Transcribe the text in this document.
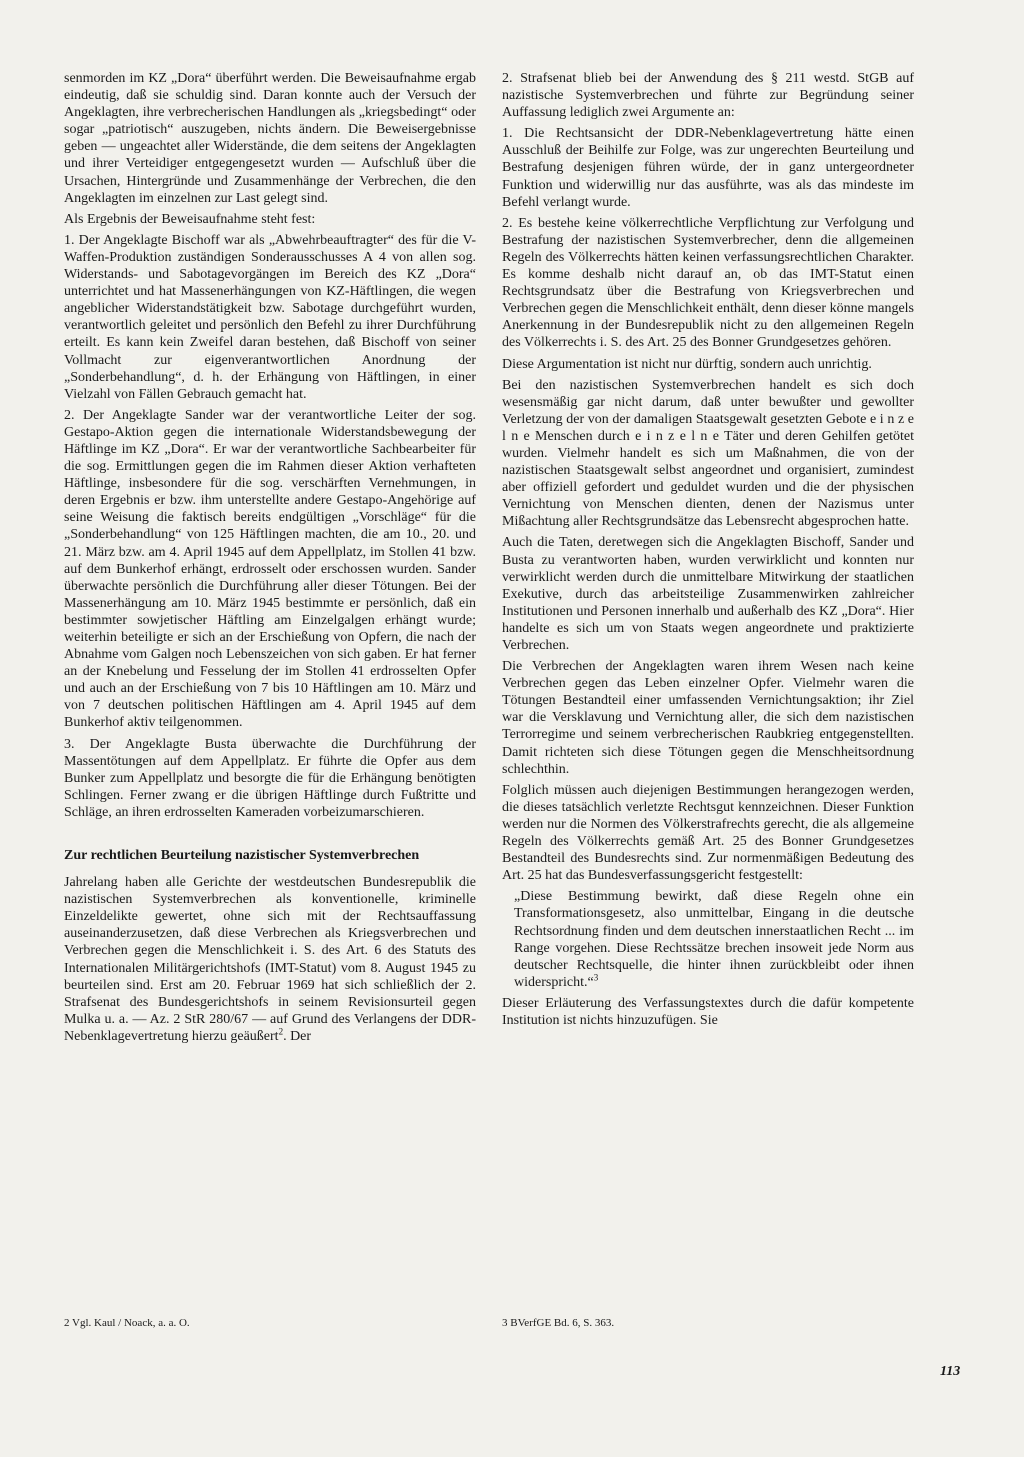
senmorden im KZ „Dora“ überführt werden. Die Beweisaufnahme ergab eindeutig, daß sie schuldig sind. Daran konnte auch der Versuch der Angeklagten, ihre verbrecherischen Handlungen als „kriegsbedingt“ oder sogar „patriotisch“ auszugeben, nichts ändern. Die Beweisergebnisse geben — ungeachtet aller Widerstände, die dem seitens der Angeklagten und ihrer Verteidiger entgegengesetzt wurden — Aufschluß über die Ursachen, Hintergründe und Zusammenhänge der Verbrechen, die den Angeklagten im einzelnen zur Last gelegt sind.

Als Ergebnis der Beweisaufnahme steht fest:

1. Der Angeklagte Bischoff war als „Abwehrbeauftragter“ des für die V-Waffen-Produktion zuständigen Sonderausschusses A 4 von allen sog. Widerstands- und Sabotagevorgängen im Bereich des KZ „Dora“ unterrichtet und hat Massenerhängungen von KZ-Häftlingen, die wegen angeblicher Widerstandstätigkeit bzw. Sabotage durchgeführt wurden, verantwortlich geleitet und persönlich den Befehl zu ihrer Durchführung erteilt. Es kann kein Zweifel daran bestehen, daß Bischoff von seiner Vollmacht zur eigenverantwortlichen Anordnung der „Sonderbehandlung“, d. h. der Erhängung von Häftlingen, in einer Vielzahl von Fällen Gebrauch gemacht hat.

2. Der Angeklagte Sander war der verantwortliche Leiter der sog. Gestapo-Aktion gegen die internationale Widerstandsbewegung der Häftlinge im KZ „Dora“. Er war der verantwortliche Sachbearbeiter für die sog. Ermittlungen gegen die im Rahmen dieser Aktion verhafteten Häftlinge, insbesondere für die sog. verschärften Vernehmungen, in deren Ergebnis er bzw. ihm unterstellte andere Gestapo-Angehörige auf seine Weisung die faktisch bereits endgültigen „Vorschläge“ für die „Sonderbehandlung“ von 125 Häftlingen machten, die am 10., 20. und 21. März bzw. am 4. April 1945 auf dem Appellplatz, im Stollen 41 bzw. auf dem Bunkerhof erhängt, erdrosselt oder erschossen wurden. Sander überwachte persönlich die Durchführung aller dieser Tötungen. Bei der Massenerhängung am 10. März 1945 bestimmte er persönlich, daß ein bestimmter sowjetischer Häftling am Einzelgalgen erhängt wurde; weiterhin beteiligte er sich an der Erschießung von Opfern, die nach der Abnahme vom Galgen noch Lebenszeichen von sich gaben. Er hat ferner an der Knebelung und Fesselung der im Stollen 41 erdrosselten Opfer und auch an der Erschießung von 7 bis 10 Häftlingen am 10. März und von 7 deutschen politischen Häftlingen am 4. April 1945 auf dem Bunkerhof aktiv teilgenommen.

3. Der Angeklagte Busta überwachte die Durchführung der Massentötungen auf dem Appellplatz. Er führte die Opfer aus dem Bunker zum Appellplatz und besorgte die für die Erhängung benötigten Schlingen. Ferner zwang er die übrigen Häftlinge durch Fußtritte und Schläge, an ihren erdrosselten Kameraden vorbeizumarschieren.

Zur rechtlichen Beurteilung nazistischer Systemverbrechen

Jahrelang haben alle Gerichte der westdeutschen Bundesrepublik die nazistischen Systemverbrechen als konventionelle, kriminelle Einzeldelikte gewertet, ohne sich mit der Rechtsauffassung auseinanderzusetzen, daß diese Verbrechen als Kriegsverbrechen und Verbrechen gegen die Menschlichkeit i. S. des Art. 6 des Statuts des Internationalen Militärgerichtshofs (IMT-Statut) vom 8. August 1945 zu beurteilen sind. Erst am 20. Februar 1969 hat sich schließlich der 2. Strafsenat des Bundesgerichtshofs in seinem Revisionsurteil gegen Mulka u. a. — Az. 2 StR 280/67 — auf Grund des Verlangens der DDR-Nebenklagevertretung hierzu geäußert$^2$. Der

2. Strafsenat blieb bei der Anwendung des § 211 westd. StGB auf nazistische Systemverbrechen und führte zur Begründung seiner Auffassung lediglich zwei Argumente an:

1. Die Rechtsansicht der DDR-Nebenklagevertretung hätte einen Ausschluß der Beihilfe zur Folge, was zur ungerechten Beurteilung und Bestrafung desjenigen führen würde, der in ganz untergeordneter Funktion und widerwillig nur das ausführte, was als das mindeste im Befehl verlangt wurde.

2. Es bestehe keine völkerrechtliche Verpflichtung zur Verfolgung und Bestrafung der nazistischen Systemverbrecher, denn die allgemeinen Regeln des Völkerrechts hätten keinen verfassungsrechtlichen Charakter. Es komme deshalb nicht darauf an, ob das IMT-Statut einen Rechtsgrundsatz über die Bestrafung von Kriegsverbrechen und Verbrechen gegen die Menschlichkeit enthält, denn dieser könne mangels Anerkennung in der Bundesrepublik nicht zu den allgemeinen Regeln des Völkerrechts i. S. des Art. 25 des Bonner Grundgesetzes gehören.

Diese Argumentation ist nicht nur dürftig, sondern auch unrichtig.

Bei den nazistischen Systemverbrechen handelt es sich doch wesensmäßig gar nicht darum, daß unter bewußter und gewollter Verletzung der von der damaligen Staatsgewalt gesetzten Gebote e i n z e l n e Menschen durch e i n z e l n e Täter und deren Gehilfen getötet wurden. Vielmehr handelt es sich um Maßnahmen, die von der nazistischen Staatsgewalt selbst angeordnet und organisiert, zumindest aber offiziell gefordert und geduldet wurden und die der physischen Vernichtung von Menschen dienten, denen der Nazismus unter Mißachtung aller Rechtsgrundsätze das Lebensrecht abgesprochen hatte.

Auch die Taten, deretwegen sich die Angeklagten Bischoff, Sander und Busta zu verantworten haben, wurden verwirklicht und konnten nur verwirklicht werden durch die unmittelbare Mitwirkung der staatlichen Exekutive, durch das arbeitsteilige Zusammenwirken zahlreicher Institutionen und Personen innerhalb und außerhalb des KZ „Dora“. Hier handelte es sich um von Staats wegen angeordnete und praktizierte Verbrechen.

Die Verbrechen der Angeklagten waren ihrem Wesen nach keine Verbrechen gegen das Leben einzelner Opfer. Vielmehr waren die Tötungen Bestandteil einer umfassenden Vernichtungsaktion; ihr Ziel war die Versklavung und Vernichtung aller, die sich dem nazistischen Terrorregime und seinem verbrecherischen Raubkrieg entgegenstellten. Damit richteten sich diese Tötungen gegen die Menschheitsordnung schlechthin.

Folglich müssen auch diejenigen Bestimmungen herangezogen werden, die dieses tatsächlich verletzte Rechtsgut kennzeichnen. Dieser Funktion werden nur die Normen des Völkerstrafrechts gerecht, die als allgemeine Regeln des Völkerrechts gemäß Art. 25 des Bonner Grundgesetzes Bestandteil des Bundesrechts sind. Zur normenmäßigen Bedeutung des Art. 25 hat das Bundesverfassungsgericht festgestellt:

„Diese Bestimmung bewirkt, daß diese Regeln ohne ein Transformationsgesetz, also unmittelbar, Eingang in die deutsche Rechtsordnung finden und dem deutschen innerstaatlichen Recht ... im Range vorgehen. Diese Rechtssätze brechen insoweit jede Norm aus deutscher Rechtsquelle, die hinter ihnen zurückbleibt oder ihnen widerspricht.“$^3$

Dieser Erläuterung des Verfassungstextes durch die dafür kompetente Institution ist nichts hinzuzufügen. Sie

2 Vgl. Kaul / Noack, a. a. O.	3 BVerfGE Bd. 6, S. 363.
113
